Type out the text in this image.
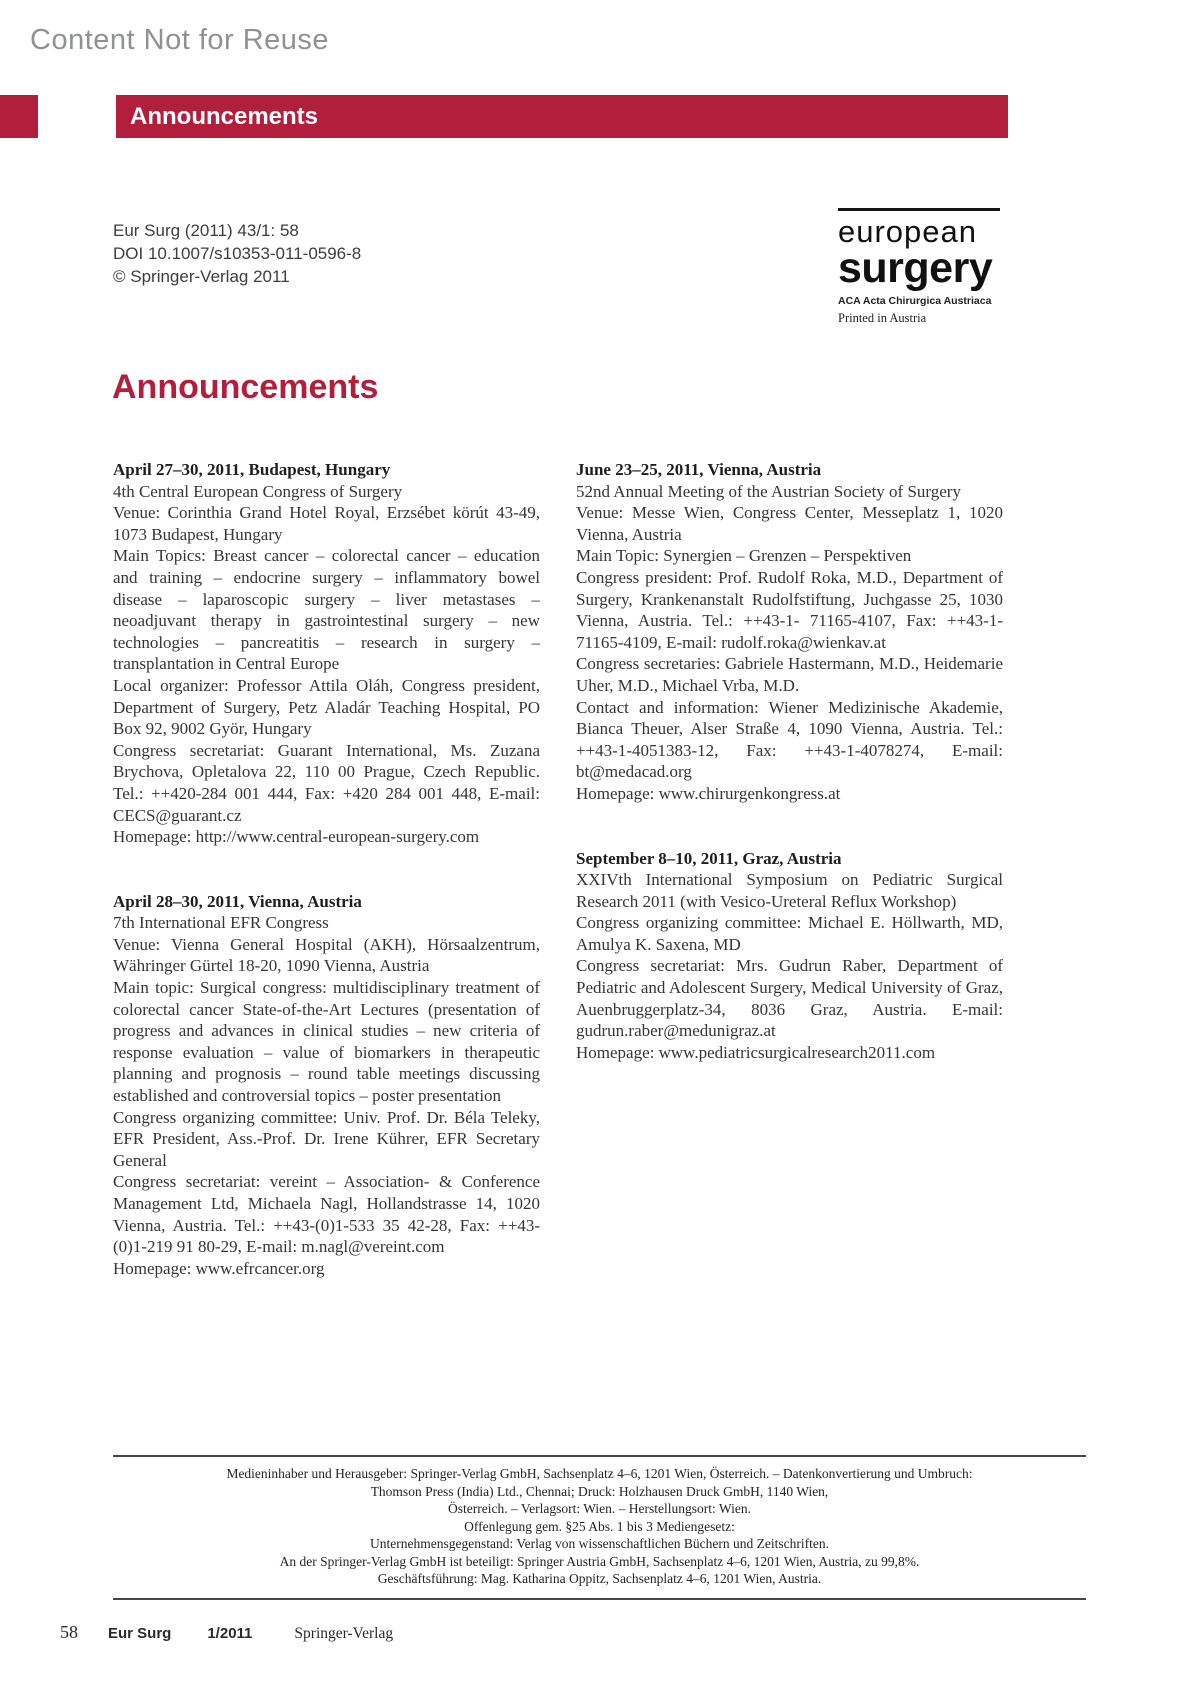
Content Not for Reuse
Announcements
Eur Surg (2011) 43/1: 58
DOI 10.1007/s10353-011-0596-8
© Springer-Verlag 2011
european
surgery
ACA Acta Chirurgica Austriaca
Printed in Austria
Announcements
April 27–30, 2011, Budapest, Hungary

4th Central European Congress of Surgery

Venue: Corinthia Grand Hotel Royal, Erzsébet körút 43-49, 1073 Budapest, Hungary

Main Topics: Breast cancer – colorectal cancer – education and training – endocrine surgery – inflammatory bowel disease – laparoscopic surgery – liver metastases – neoadjuvant therapy in gastrointestinal surgery – new technologies – pancreatitis – research in surgery – transplantation in Central Europe

Local organizer: Professor Attila Oláh, Congress president, Department of Surgery, Petz Aladár Teaching Hospital, PO Box 92, 9002 Györ, Hungary

Congress secretariat: Guarant International, Ms. Zuzana Brychova, Opletalova 22, 110 00 Prague, Czech Republic. Tel.: ++420-284 001 444, Fax: +420 284 001 448, E-mail: CECS@guarant.cz

Homepage: http://www.central-european-surgery.com

April 28–30, 2011, Vienna, Austria

7th International EFR Congress

Venue: Vienna General Hospital (AKH), Hörsaalzentrum, Währinger Gürtel 18-20, 1090 Vienna, Austria

Main topic: Surgical congress: multidisciplinary treatment of colorectal cancer State-of-the-Art Lectures (presentation of progress and advances in clinical studies – new criteria of response evaluation – value of biomarkers in therapeutic planning and prognosis – round table meetings discussing established and controversial topics – poster presentation

Congress organizing committee: Univ. Prof. Dr. Béla Teleky, EFR President, Ass.-Prof. Dr. Irene Kührer, EFR Secretary General

Congress secretariat: vereint – Association- & Conference Management Ltd, Michaela Nagl, Hollandstrasse 14, 1020 Vienna, Austria. Tel.: ++43-(0)1-533 35 42-28, Fax: ++43-(0)1-219 91 80-29, E-mail: m.nagl@vereint.com

Homepage: www.efrcancer.org

June 23–25, 2011, Vienna, Austria

52nd Annual Meeting of the Austrian Society of Surgery

Venue: Messe Wien, Congress Center, Messeplatz 1, 1020 Vienna, Austria

Main Topic: Synergien – Grenzen – Perspektiven

Congress president: Prof. Rudolf Roka, M.D., Department of Surgery, Krankenanstalt Rudolfstiftung, Juchgasse 25, 1030 Vienna, Austria. Tel.: ++43-1- 71165-4107, Fax: ++43-1-71165-4109, E-mail: rudolf.roka@wienkav.at

Congress secretaries: Gabriele Hastermann, M.D., Heidemarie Uher, M.D., Michael Vrba, M.D.

Contact and information: Wiener Medizinische Akademie, Bianca Theuer, Alser Straße 4, 1090 Vienna, Austria. Tel.: ++43-1-4051383-12, Fax: ++43-1-4078274, E-mail: bt@medacad.org

Homepage: www.chirurgenkongress.at

September 8–10, 2011, Graz, Austria

XXIVth International Symposium on Pediatric Surgical Research 2011 (with Vesico-Ureteral Reflux Workshop)

Congress organizing committee: Michael E. Höllwarth, MD, Amulya K. Saxena, MD

Congress secretariat: Mrs. Gudrun Raber, Department of Pediatric and Adolescent Surgery, Medical University of Graz, Auenbruggerplatz-34, 8036 Graz, Austria. E-mail: gudrun.raber@medunigraz.at

Homepage: www.pediatricsurgicalresearch2011.com

Medieninhaber und Herausgeber: Springer-Verlag GmbH, Sachsenplatz 4–6, 1201 Wien, Österreich. – Datenkonvertierung und Umbruch:

Thomson Press (India) Ltd., Chennai; Druck: Holzhausen Druck GmbH, 1140 Wien,

Österreich. – Verlagsort: Wien. – Herstellungsort: Wien.

Offenlegung gem. §25 Abs. 1 bis 3 Mediengesetz:

Unternehmensgegenstand: Verlag von wissenschaftlichen Büchern und Zeitschriften.

An der Springer-Verlag GmbH ist beteiligt: Springer Austria GmbH, Sachsenplatz 4–6, 1201 Wien, Austria, zu 99,8%.

Geschäftsführung: Mag. Katharina Oppitz, Sachsenplatz 4–6, 1201 Wien, Austria.

58 Eur Surg 1/2011	Springer-Verlag
